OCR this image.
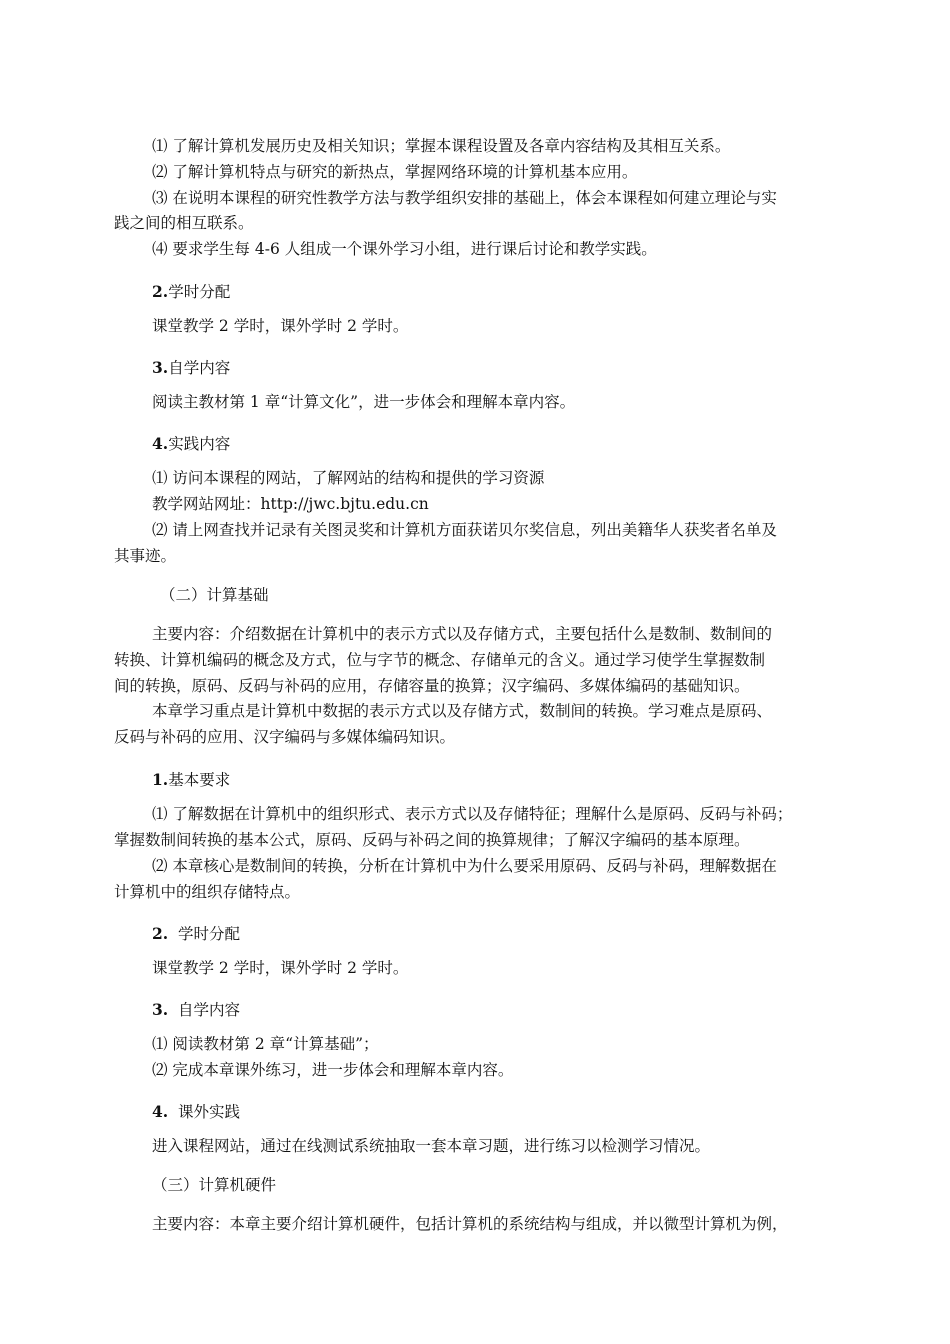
⑴ 了解计算机发展历史及相关知识；掌握本课程设置及各章内容结构及其相互关系。
⑵ 了解计算机特点与研究的新热点，掌握网络环境的计算机基本应用。
⑶ 在说明本课程的研究性教学方法与教学组织安排的基础上，体会本课程如何建立理论与实
践之间的相互联系。
⑷ 要求学生每 4-6 人组成一个课外学习小组，进行课后讨论和教学实践。
2.学时分配
课堂教学 2 学时，课外学时 2 学时。
3.自学内容
阅读主教材第 1 章“计算文化”，进一步体会和理解本章内容。
4.实践内容
⑴ 访问本课程的网站，了解网站的结构和提供的学习资源
教学网站网址：http://jwc.bjtu.edu.cn
⑵ 请上网查找并记录有关图灵奖和计算机方面获诺贝尔奖信息，列出美籍华人获奖者名单及
其事迹。
（二）计算基础
主要内容：介绍数据在计算机中的表示方式以及存储方式，主要包括什么是数制、数制间的
转换、计算机编码的概念及方式，位与字节的概念、存储单元的含义。通过学习使学生掌握数制
间的转换，原码、反码与补码的应用，存储容量的换算；汉字编码、多媒体编码的基础知识。
本章学习重点是计算机中数据的表示方式以及存储方式，数制间的转换。学习难点是原码、
反码与补码的应用、汉字编码与多媒体编码知识。
1.基本要求
⑴ 了解数据在计算机中的组织形式、表示方式以及存储特征；理解什么是原码、反码与补码；
掌握数制间转换的基本公式，原码、反码与补码之间的换算规律；了解汉字编码的基本原理。
⑵ 本章核心是数制间的转换，分析在计算机中为什么要采用原码、反码与补码，理解数据在
计算机中的组织存储特点。
2. 学时分配
课堂教学 2 学时，课外学时 2 学时。
3. 自学内容
⑴ 阅读教材第 2 章“计算基础”；
⑵ 完成本章课外练习，进一步体会和理解本章内容。
4. 课外实践
进入课程网站，通过在线测试系统抽取一套本章习题，进行练习以检测学习情况。
（三）计算机硬件
主要内容：本章主要介绍计算机硬件，包括计算机的系统结构与组成，并以微型计算机为例，
